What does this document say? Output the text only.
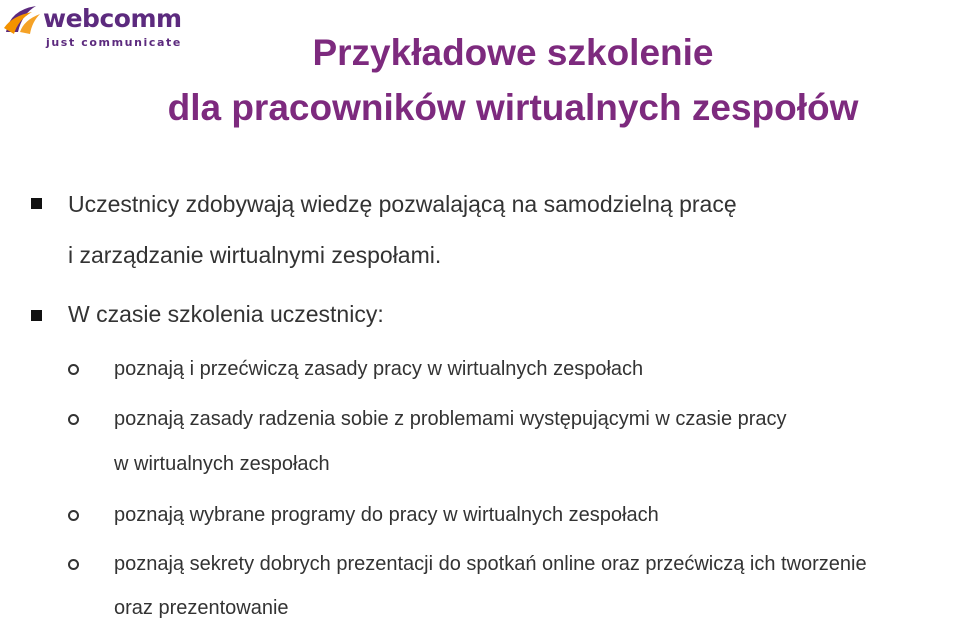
webcomm
just communicate	Przykładowe szkolenie
dla pracowników wirtualnych zespołów
Uczestnicy zdobywają wiedzę pozwalającą na samodzielną pracę
i zarządzanie wirtualnymi zespołami.
W czasie szkolenia uczestnicy:
poznają i przećwiczą zasady pracy w wirtualnych zespołach
poznają zasady radzenia sobie z problemami występującymi w czasie pracy
w wirtualnych zespołach
poznają wybrane programy do pracy w wirtualnych zespołach
poznają sekrety dobrych prezentacji do spotkań online oraz przećwiczą ich tworzenie
oraz prezentowanie
